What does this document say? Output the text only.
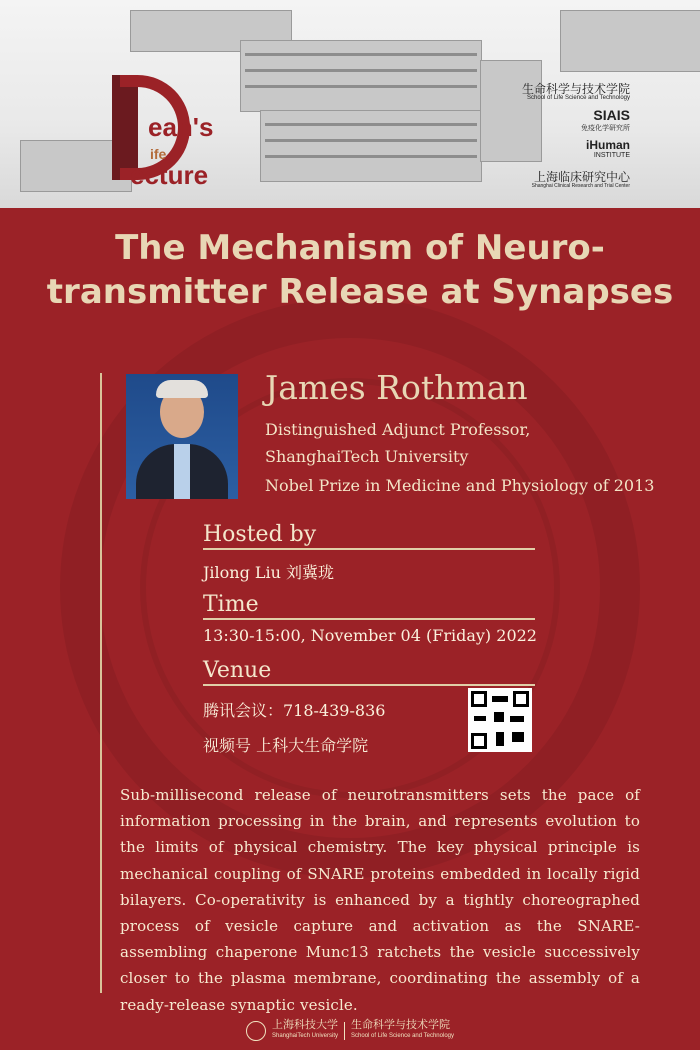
ean's
ife
ecture
生命科学与技术学院
School of Life Science and Technology
SIAIS
免疫化学研究所
iHuman
INSTITUTE
上海临床研究中心
Shanghai Clinical Research and Trial Center
The Mechanism of Neuro-transmitter Release at Synapses
James Rothman
Distinguished Adjunct Professor,
ShanghaiTech University
Nobel Prize in Medicine and Physiology of 2013
Hosted by
Jilong Liu 刘冀珑
Time
13:30-15:00, November 04 (Friday) 2022
Venue
腾讯会议：718-439-836
视频号 上科大生命学院
Sub-millisecond release of neurotransmitters sets the pace of information processing in the brain, and represents evolution to the limits of physical chemistry. The key physical principle is mechanical coupling of SNARE proteins embedded in locally rigid bilayers. Co-operativity is enhanced by a tightly choreographed process of vesicle capture and activation as the SNARE-assembling chaperone Munc13 ratchets the vesicle successively closer to the plasma membrane, coordinating the assembly of a ready-release synaptic vesicle.
上海科技大学
ShanghaiTech University
生命科学与技术学院
School of Life Science and Technology
